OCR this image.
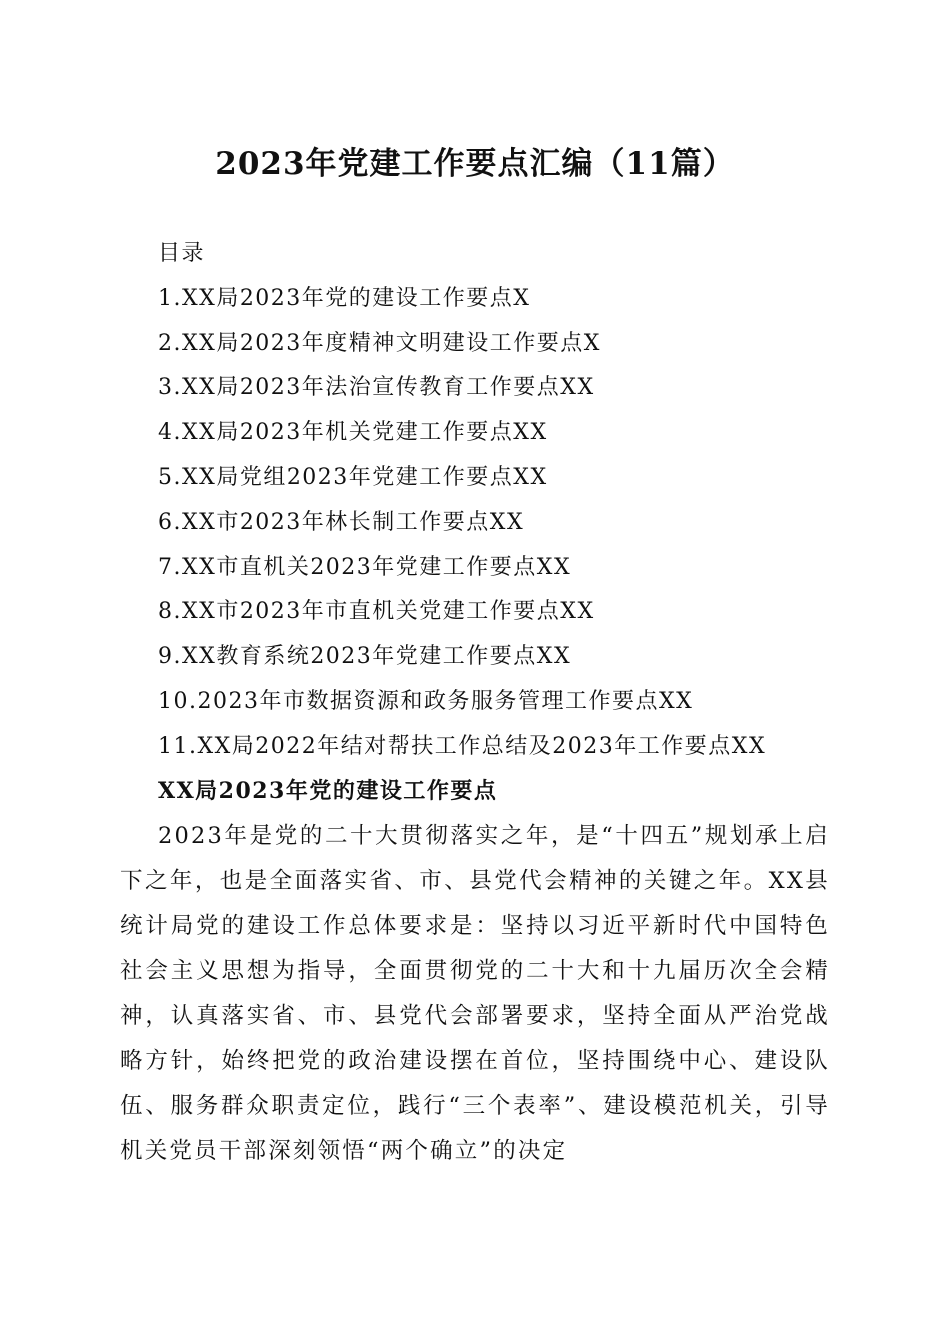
2023年党建工作要点汇编（11篇）
目录
1.XX局2023年党的建设工作要点X
2.XX局2023年度精神文明建设工作要点X
3.XX局2023年法治宣传教育工作要点XX
4.XX局2023年机关党建工作要点XX
5.XX局党组2023年党建工作要点XX
6.XX市2023年林长制工作要点XX
7.XX市直机关2023年党建工作要点XX
8.XX市2023年市直机关党建工作要点XX
9.XX教育系统2023年党建工作要点XX
10.2023年市数据资源和政务服务管理工作要点XX
11.XX局2022年结对帮扶工作总结及2023年工作要点XX
XX局2023年党的建设工作要点

2023年是党的二十大贯彻落实之年，是“十四五”规划承上启下之年，也是全面落实省、市、县党代会精神的关键之年。XX县统计局党的建设工作总体要求是：坚持以习近平新时代中国特色社会主义思想为指导，全面贯彻党的二十大和十九届历次全会精神，认真落实省、市、县党代会部署要求，坚持全面从严治党战略方针，始终把党的政治建设摆在首位，坚持围绕中心、建设队伍、服务群众职责定位，践行“三个表率”、建设模范机关，引导机关党员干部深刻领悟“两个确立”的决定
